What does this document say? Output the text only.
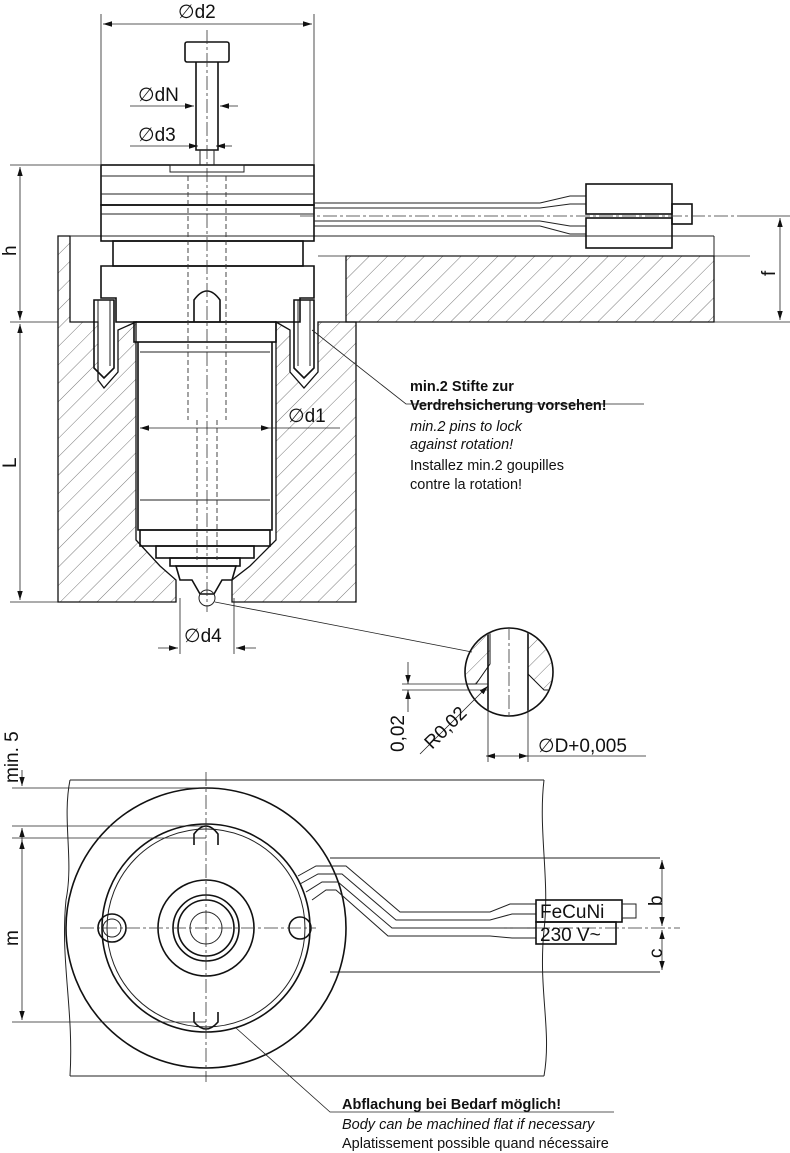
∅d2
∅dN
∅d3
h
L
f
∅d1
∅d4
min.2 Stifte zur
Verdrehsicherung vorsehen!
min.2 pins to lock
against rotation!
Installez min.2 goupilles
contre la rotation!
0,02 R0,02	∅D+0,005
FeCuNi
230 V~
b
c
min. 5
m
Abflachung bei Bedarf möglich!
Body can be machined flat if necessary
Aplatissement possible quand nécessaire
